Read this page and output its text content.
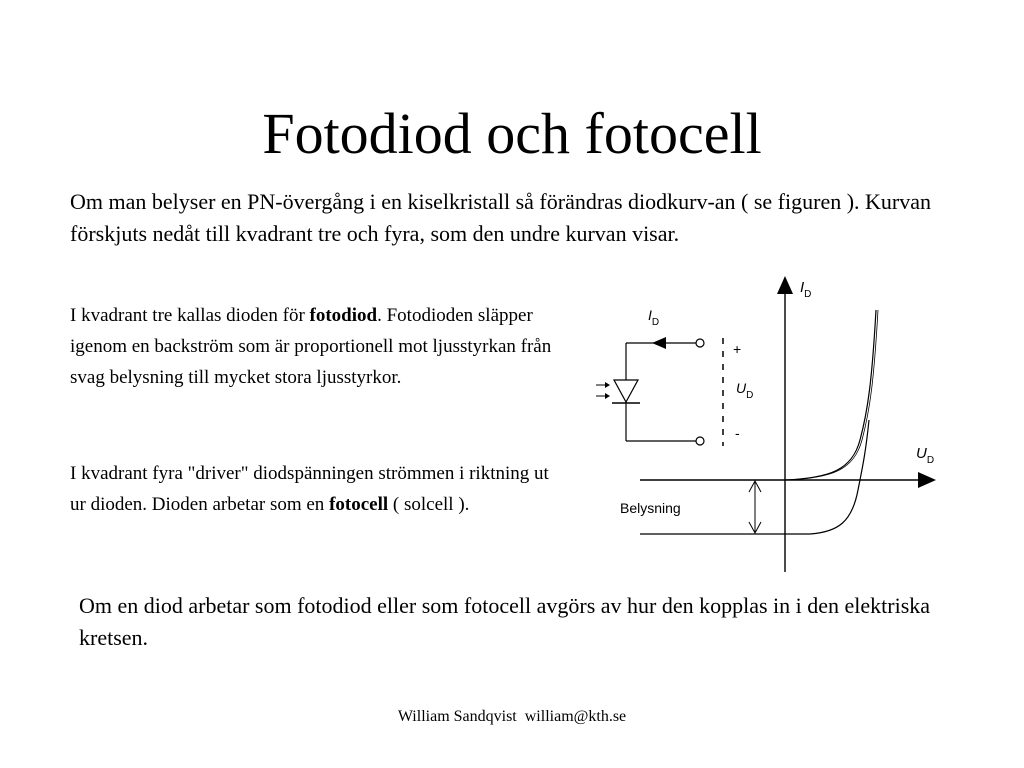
Fotodiod och fotocell
Om man belyser en PN-övergång i en kiselkristall så förändras diodkurv-an ( se figuren ). Kurvan förskjuts nedåt till kvadrant tre och fyra, som den undre kurvan visar.
I kvadrant tre kallas dioden för fotodiod. Fotodioden släpper igenom en backström som är proportionell mot ljusstyrkan från svag belysning till mycket stora ljusstyrkor.
I kvadrant fyra "driver" diodspänningen strömmen i riktning ut ur dioden. Dioden arbetar som en fotocell ( solcell ).
$I_D$
$U_D$
Belysning
$I_D$
+
$U_D$
-
Om en diod arbetar som fotodiod eller som fotocell avgörs av hur den kopplas in i den elektriska kretsen.
William Sandqvist william@kth.se
